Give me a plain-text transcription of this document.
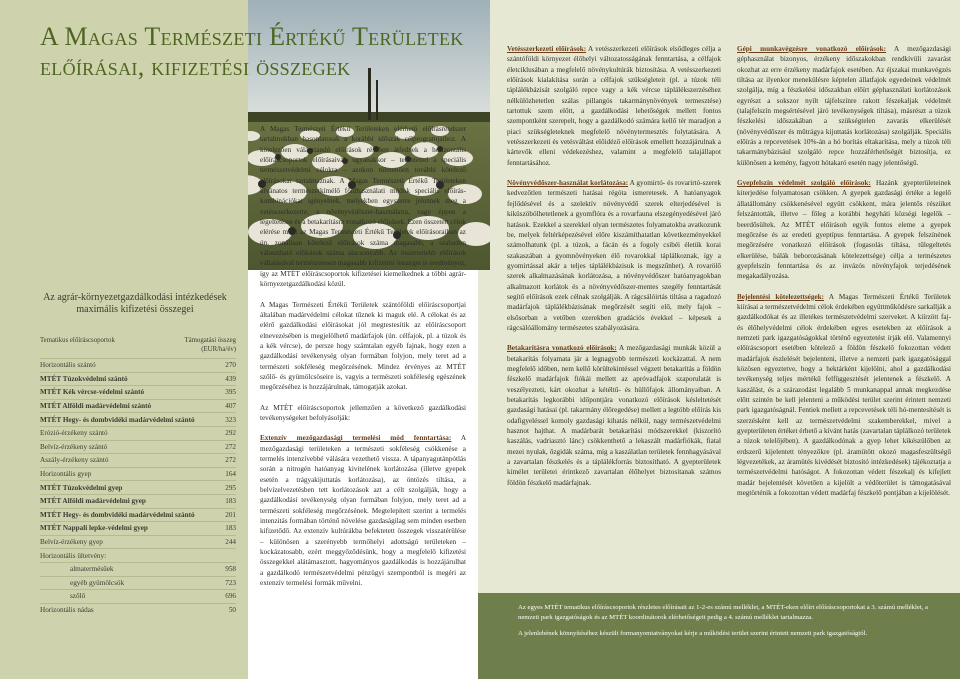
A Magas Természeti Értékű Területek
előírásai, kifizetési összegek
Az agrár-környezetgazdálkodási intézkedések maximális kifizetési összegei
Tematikus előíráscsoportok	Támogatási összeg
(EUR/ha/év)
Horizontális szántó	270
MTÉT Túzokvédelmi szántó	439
MTÉT Kék vércse-védelmi szántó	395
MTÉT Alföldi madárvédelmi szántó	407
MTÉT Hegy- és dombvidéki madárvédelmi szántó	323
Erózió-érzékeny szántó	292
Belvíz-érzékeny szántó	272
Aszály-érzékeny szántó	272
Horizontális gyep	164
MTÉT Túzokvédelmi gyep	295
MTÉT Alföldi madárvédelmi gyep	183
MTÉT Hegy- és dombvidéki madárvédelmi szántó	201
MTÉT Nappali lepke-védelmi gyep	183
Belvíz-érzékeny gyep	244
Horizontális ültetvény:
almatermésűek	958
egyéb gyümölcsök	723
szőlő	696
Horizontális nádas	50

A Magas Természeti Értékű Területeken elérhető előírásrendszer tartalmukban hasonlatosak a korábbi időszak célprogramjaihoz. A kötelezően választandó előírások részben átfednek a horizontális előíráscsoportok előírásaival, ugyanakkor – tekintettel a speciális természetvédelmi célokra – azokon túlmenően további kötelező előírásokat tartalmaznak. A Magas Természeti Értékű Területeken kívánatos természetkímélő földhasználati módok speciális előírás-kombinációkat igényelnek, melyekben egyszerre jelennek meg a vetésszerkezetre, a növényvédőszer-használatra, vagy éppen a legeltetésre és a betakarításra vonatkozó előírások. Ezen összetett célok elérése miatt az Magas Természeti Értékű Területek előírásoraiban az ún. zonálisan kötelező előírások száma magasabb, a szabadon választható előírások száma alacsonyabb. Az összetettebb előírások vállalásával természetesen magasabb kifizetési összeget is eredményez, így az MTÉT előíráscsoportok kifizetései kiemelkednek a többi agrár-környezetgazdálkodási közül.

A Magas Természeti Értékű Területek szántóföldi előíráscsoportjai általában madárvédelmi célokat tűznek ki maguk elé. A célokat és az elérő gazdálkodási előírásokat jól megtestesítik az előíráscsoport elnevezésében is megjelölhető madárfajok (ún. célfajok, pl. a túzok és a kék vércse), de persze hogy számtalan egyéb fajnak, hogy ezen a gazdálkodási tevékenység olyan formában folyjon, mely teret ad a természeti sokféleség megőrzésének. Mindez érvényes az MTÉT szőlő- és gyümölcsöseire is, vagyis a természeti sokféleség egészének megőrzéséhez is hozzájárulnak, támogatják azokat.

Az MTÉT előíráscsoportok jellemzően a következő gazdálkodási tevékenységeket befolyásolják:

Extenzív mezőgazdasági termelési mód fenntartása: A mezőgazdasági területeken a természeti sokféleség csökkenése a termelés intenzívebbé válására vezethető vissza. A tápanyagutánpótlás során a nitrogén hatóanyag kivitelének korlátozása (illetve gyepek esetén a trágyakijuttatás korlátozása), az öntözés tiltása, a belvízelvezetésben tett korlátozások azt a célt szolgálják, hogy a gazdálkodási tevékenység olyan formában folyjon, mely teret ad a természeti sokféleség megőrzésének. Megtelepített szerint a termelés intenzitás formában történő növelése gazdaságilag sem minden esetben kifizetődő. Az extenzív kultúrákba befektetett összegek visszatérülése – különösen a szerényebb termőhelyi adottságú területeken – kockázatosabb, ezért meggyőződésünk, hogy a megfelelő kifizetési összegekkel alátámasztott, hagyományos gazdálkodás is hozzájárulhat a gazdálkodó természetvédelmi pénzügyi szempontból is megéri az extenzív termelési formák művelni.

Vetésszerkezeti előírások: A vetésszerkezeti előírások elsődleges célja a szántóföldi környezet élőhelyi változatosságának fenntartása, a célfajok életciklusában a megfelelő növénykultúrák biztosítása. A vetésszerkezeti előírások kialakítása során a célfajok szükségleteit (pl. a túzok téli táplálékbázisát szolgáló repce vagy a kék vércse táplálékszerzéséhez nélkülözhetetlen szálas pillangós takarmánynövények termesztése) tartottuk szem előtt, a gazdálkodási lehetőségek mellett fontos szempontként szerepelt, hogy a gazdálkodó számára kellő tér maradjon a piaci szükségleteknek megfelelő növénytermesztés folytatására. A vetésszerkezeti és vetésváltást előidéző előírások emellett hozzájárulnak a kártevők elleni védekezéshez, valamint a megfelelő talajállapot fenntartásához.

Növényvédőszer-használat korlátozása: A gyomirtó- és rovarirtó-szerek kedvezőtlen természeti hatásai régóta ismeretesek. A hatóanyagok fejlődésével és a szelektív növényvédő szerek elterjedésével is kiküszöbölhetetlenek a gyomflóra és a rovarfauna elszegényedésével járó hatások. Ezekkel a szerekkel olyan természetes folyamatokba avatkozunk be, melyek feltérképezésével előre kiszámíthatatlan következményekkel számolhatunk (pl. a túzok, a fácán és a fogoly csibéi életük korai szakaszában a gyomnövényeken élő rovarokkal táplálkoznak, így a gyomirtással akár a teljes táplálékbázisuk is megszűnhet). A rovarölő szerek alkalmazásának korlátozása, a növényvédőszer hatóanyagokban alkalmazott korlátok és a növényvédőszer-mentes szegély fenntartását segítő előírások ezek célnak szolgálják. A rágcsálóirtás tiltása a ragadozó madárfajok táplálékbázisának megőrzését segíti elő, mely fajok – elsősorban a vetőben ezerekben gradációs évekkel – képesek a rágcsálóállomány természetes szabályozására.

Betakarításra vonatkozó előírások: A mezőgazdasági munkák közül a betakarítás folyamata jár a legnagyobb természeti kockázattal. A nem megfelelő időben, nem kellő körültekintéssel végzett betakarítás a földön fészkelő madárfajok fiókái mellett az apróvadfajok szaporulatát is veszélyezteti, kárt okozhat a kétéltű- és hüllőfajok állományaiban. A betakarítás legkorábbi időpontjára vonatkozó előírások késleltetését gazdasági hatásai (pl. takarmány élőregedése) mellett a legtöbb előírás kis odafigyeléssel komoly gazdasági kihatás nélkül, nagy természetvédelmi hasznot hajthat. A madárbarát betakarítási módszerekkel (kiszorító kaszálás, vadriasztó lánc) csökkenthető a lekaszált madárfiókák, fiatal mezei nyulak, őzgidák száma, míg a kaszálatlan területek fennhagyásával a zavartalan fészkelés és a táplálékforrás biztosítható. A gyepterületek kímélet területei érintkező zavartalan élőhelyet biztosítanak számos földön fészkelő madárfajnak.

Gépi munkavégzésre vonatkozó előírások: A mezőgazdasági géphasználat bizonyos, érzékeny időszakokban rendkívüli zavarást okozhat az erre érzékeny madárfajok esetében. Az éjszakai munkavégzés tiltása az ilyenkor menekülésre képtelen állatfajok egyedeinek védelmét szolgálja, míg a fészkelési időszakban előírt géphasználati korlátozások egyrészt a sokszor nyílt tájfelszínre rakott fészekaljak védelmét (talajfelszín megsértésével járó tevékenységek tiltása), másrészt a túzok fészkelési időszakában a szükségtelen zavarás elkerülését (növényvédőszer és műtrágya kijuttatás korlátozása) szolgálják. Speciális előírás a repcevetések 10%-án a hó borítás eltakarítása, mely a túzok téli takarmánybázisául szolgáló repce hozzáférhetőségét biztosítja, ez különösen a kemény, fagyott hótakaró esetén nagy jelentőségű.

Gyepfelszín védelmét szolgáló előírások: Hazánk gyepterületeinek kiterjedése folyamatosan csökken. A gyepek gazdasági értéke a legelő állatállomány csökkenésével együtt csökkent, mára jelentős részüket felszántották, illetve – főleg a korábbi hegyháti községi legelők – beerdősültek. Az MTÉT előírásoh egyik fontos eleme a gyepek megőrzése és az eredeti gyeptípus fenntartása. A gyepek felszínének megőrzésére vonatkozó előírások (fogasolás tiltása, tűlegeltetés elkerülése, bálák beborozásának kötelezettsége) célja a természetes gyepfelszín fenntartása és az invázós növényfajok terjedésének megakadályozása.

Bejelentési kötelezettségek: A Magas Természeti Értékű Területek kiírásai a természetvédelmi célok érdekében együttműködésre sarkallják a gazdálkodókat és az illetékes természetvédelmi szerveket. A kiírzött faj- és élőhelyvédelmi célok érdekében egyes esetekben az előírások a nemzeti park igazgatóságokkal történő egyeztetést írják elő. Valamennyi előíráscsoport esetében kötelező a földön fészkelő fokozottan védett madárfajok észlelését bejelenteni, illetve a nemzeti park igazgatósággal közösen egyeztetve, hogy a hektárként kijelölni, ahol a gazdálkodási tevékenység teljes mértékű felfüggesztését jelentenek a fészkelő. A kaszálást, és a szárazodást legalább 5 munkanappal annak megkezdése előtt szintén be kell jelenteni a működési terület szerint érintett nemzeti park igazgatóságnál. Fentiek mellett a repcevetések téli hó-mentesítését is szerzésként kell az természetvédelmi szakemberekkel, mivel a gyepterületen értéket érhető a kívánt hatás (zavartalan táplálkozó területek a túzok telelőjében). A gazdálkodónak a gyep lehet kikészülőben az erdszerű kijelentett tényezőkre (pl. áramütött okozó magasfeszültségű légvezetékek, az áramütés kivédését biztosító intézkedések) tájékoztatja a természetvédelmi hatóságot. A fokozottan védett fészekalj és kifejlett madár bejelentését követően a kijelölt a védőterület is támogatásával megtörténik a fokozottan védett madárfaj fészkelő pontjában a kijelölését.

Az egyes MTÉT tematikus előíráscsoportok részletes előírásait az 1-2-es számú melléklet, a MTÉT-eken előírt előíráscsoportokat a 3. számú melléklet, a nemzeti park igazgatóságok és az MTÉT koordinátorok elérhetőségeit pedig a 4. számú melléklet tartalmazza.

A jelenlebének könnyítéséhez készült formanyomtatványokat kérje a működési terület szerint érintett nemzeti park igazgatóságtól.
